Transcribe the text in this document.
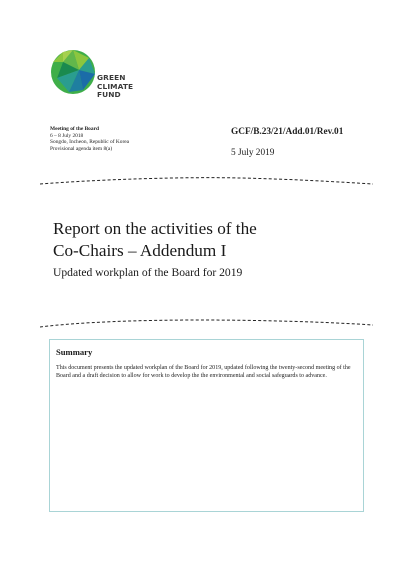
GREEN
CLIMATE
FUND
Meeting of the Board
6 – 8 July 2018
Songdo, Incheon, Republic of Korea
Provisional agenda item 8(a)
GCF/B.23/21/Add.01/Rev.01
5 July 2019
Report on the activities of the
Co-Chairs – Addendum I
Updated workplan of the Board for 2019
Summary
This document presents the updated workplan of the Board for 2019, updated following the twenty-second meeting of the Board and a draft decision to allow for work to develop the the environmental and social safeguards to advance.
